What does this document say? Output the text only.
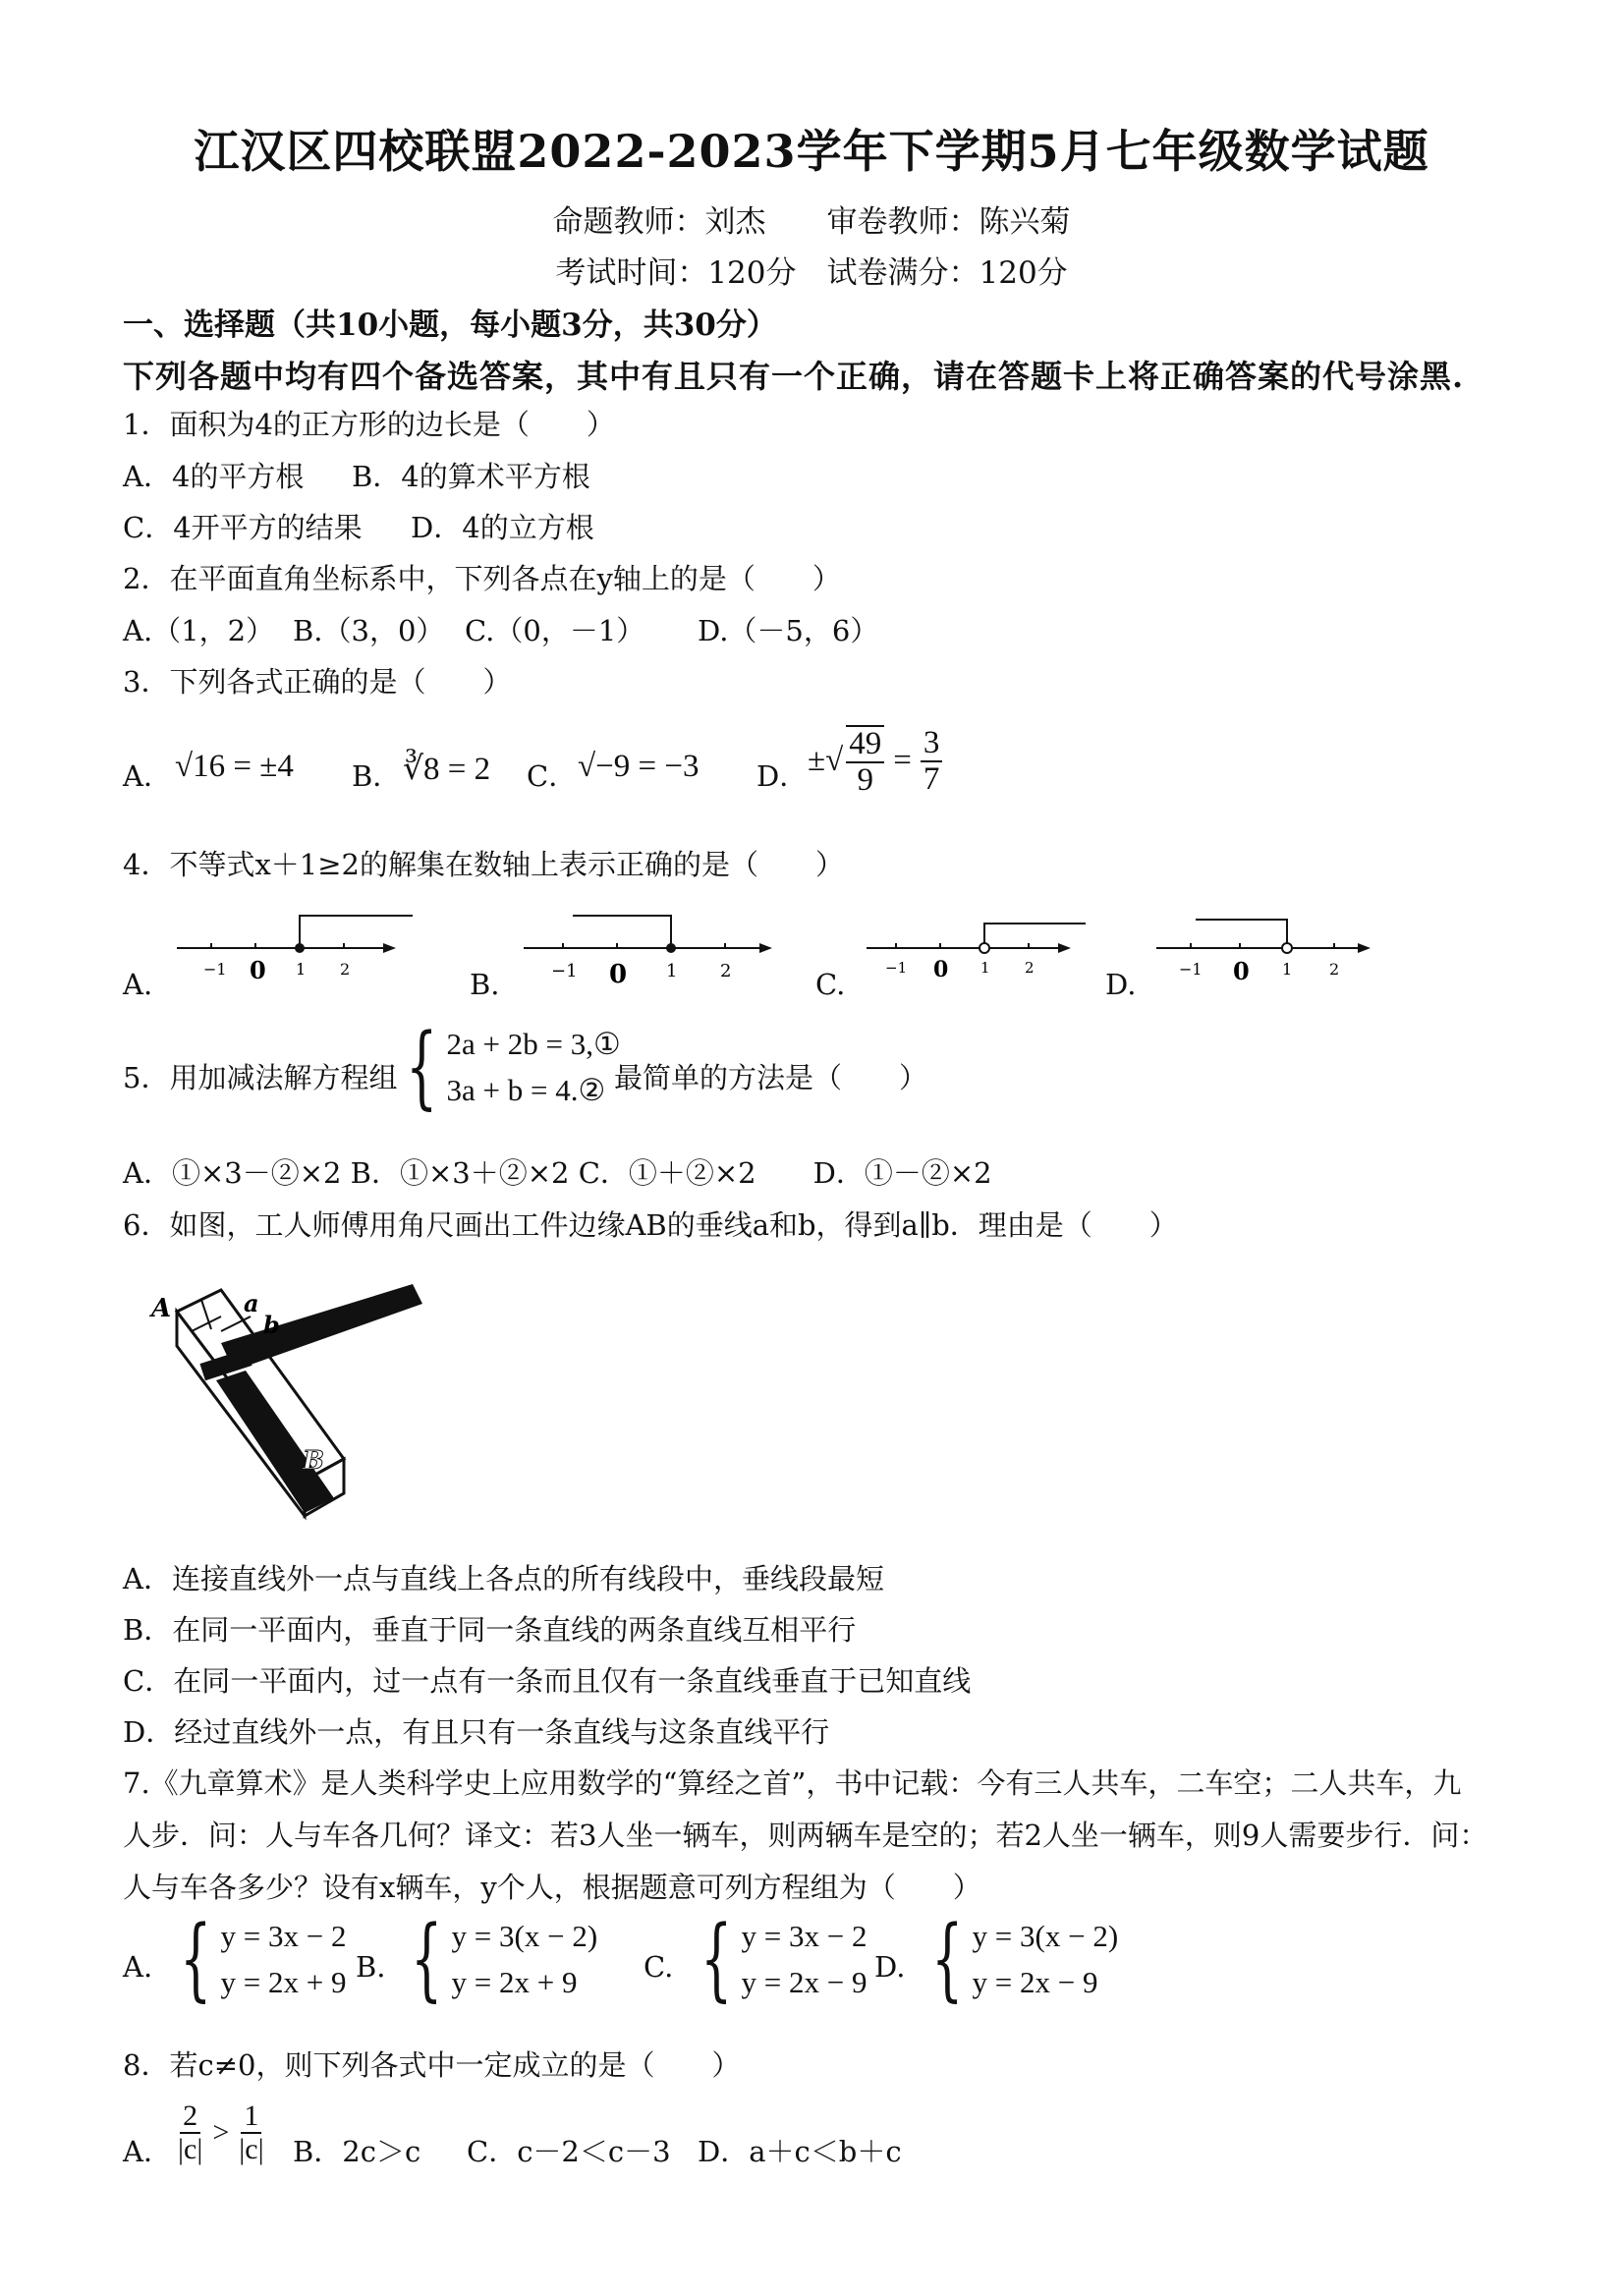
江汉区四校联盟2022-2023学年下学期5月七年级数学试题
命题教师：刘杰　　审卷教师：陈兴菊
考试时间：120分　试卷满分：120分
一、选择题（共10小题，每小题3分，共30分）
下列各题中均有四个备选答案，其中有且只有一个正确，请在答题卡上将正确答案的代号涂黑.
1．面积为4的正方形的边长是（　　）
A．4的平方根 B．4的算术平方根
C．4开平方的结果 D．4的立方根
2．在平面直角坐标系中，下列各点在y轴上的是（　　）
A.（1，2） B.（3，0） C.（0，－1） D.（－5，6）
3．下列各式正确的是（　　）
A． √16 = ±4 B． ∛8 = 2 C． √−9 = −3 D． ±√ $\frac{49}{9} = \frac{3}{7}$
4．不等式x＋1≥2的解集在数轴上表示正确的是（　　）
A.	B.	C.	D.
−1 0 1 2	−1 0 1 2	−1 0 1 2	−1 0 1 2
5．用加减法解方程组 { 2a + 2b = 3,①
3a + b = 4.② 最简单的方法是（　　）
A．①×3－②×2 B．①×3＋②×2 C．①＋②×2　　D．①－②×2
6．如图，工人师傅用角尺画出工件边缘AB的垂线a和b，得到a∥b．理由是（　　）
A	a
b
B
A．连接直线外一点与直线上各点的所有线段中，垂线段最短
B．在同一平面内，垂直于同一条直线的两条直线互相平行
C．在同一平面内，过一点有一条而且仅有一条直线垂直于已知直线
D．经过直线外一点，有且只有一条直线与这条直线平行
7.《九章算术》是人类科学史上应用数学的“算经之首”，书中记载：今有三人共车，二车空；二人共车，九
人步．问：人与车各几何？译文：若3人坐一辆车，则两辆车是空的；若2人坐一辆车，则9人需要步行．问：
人与车各多少？设有x辆车，y个人，根据题意可列方程组为（　　）
A. { y = 3x − 2
y = 2x + 9 B. { y = 3(x − 2)
y = 2x + 9	C. { y = 3x − 2
y = 2x − 9 D. { y = 3(x − 2)
y = 2x − 9
8．若c≠0，则下列各式中一定成立的是（　　）
A． $\frac{2}{|c|} > \frac{1}{|c|}$ B．2c＞c C．c－2＜c－3 D．a＋c＜b＋c
